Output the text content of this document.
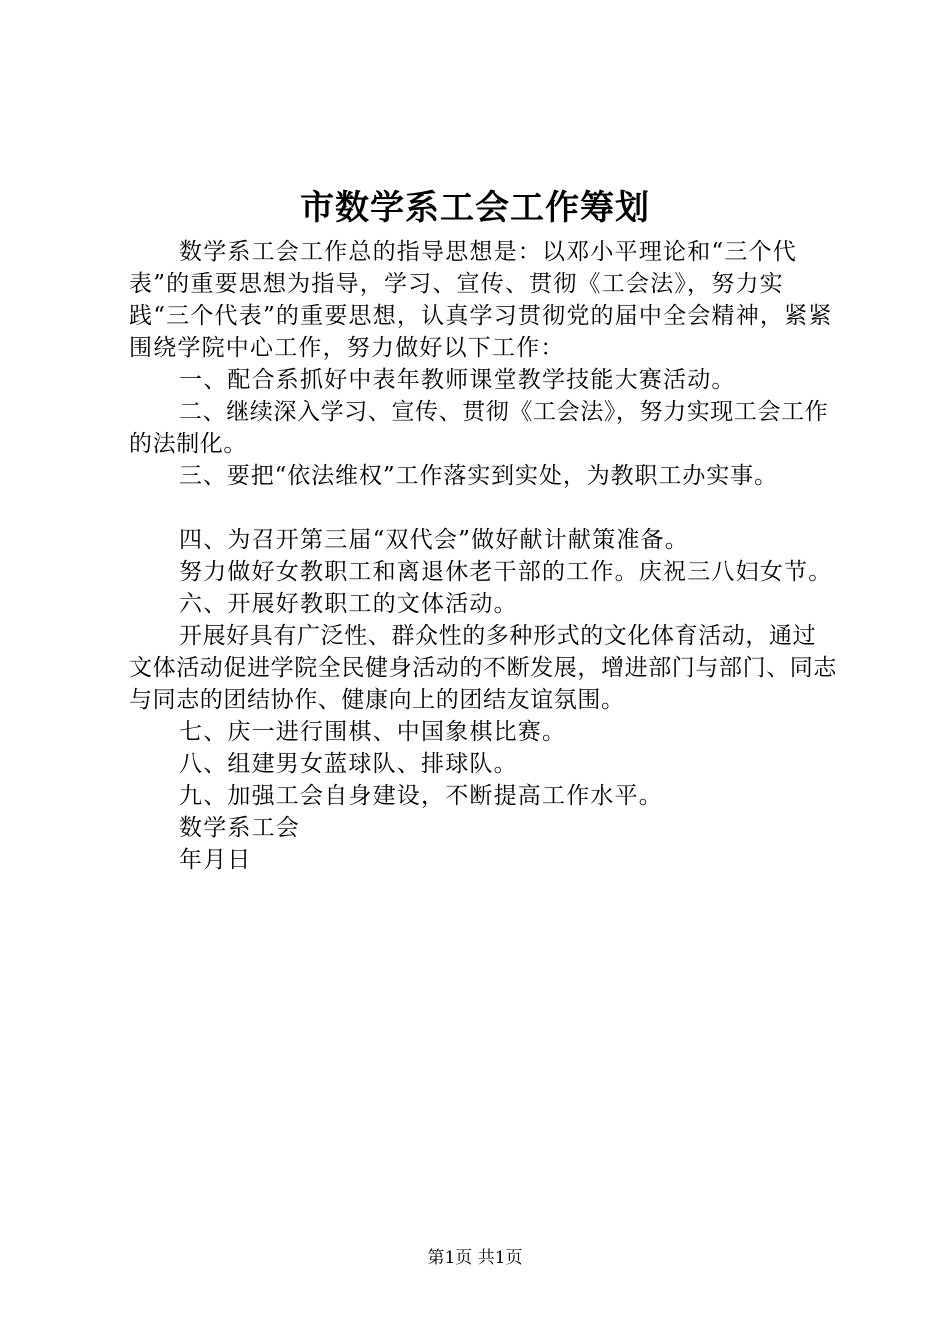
市数学系工会工作筹划

数学系工会工作总的指导思想是：以邓小平理论和“三个代表”的重要思想为指导，学习、宣传、贯彻《工会法》，努力实践“三个代表”的重要思想，认真学习贯彻党的届中全会精神，紧紧围绕学院中心工作，努力做好以下工作：

一、配合系抓好中表年教师课堂教学技能大赛活动。

二、继续深入学习、宣传、贯彻《工会法》，努力实现工会工作的法制化。

三、要把“依法维权”工作落实到实处，为教职工办实事。

四、为召开第三届“双代会”做好献计献策准备。

努力做好女教职工和离退休老干部的工作。庆祝三八妇女节。

六、开展好教职工的文体活动。

开展好具有广泛性、群众性的多种形式的文化体育活动，通过文体活动促进学院全民健身活动的不断发展，增进部门与部门、同志与同志的团结协作、健康向上的团结友谊氛围。

七、庆一进行围棋、中国象棋比赛。

八、组建男女蓝球队、排球队。

九、加强工会自身建设，不断提高工作水平。

数学系工会

年月日

第1页 共1页
